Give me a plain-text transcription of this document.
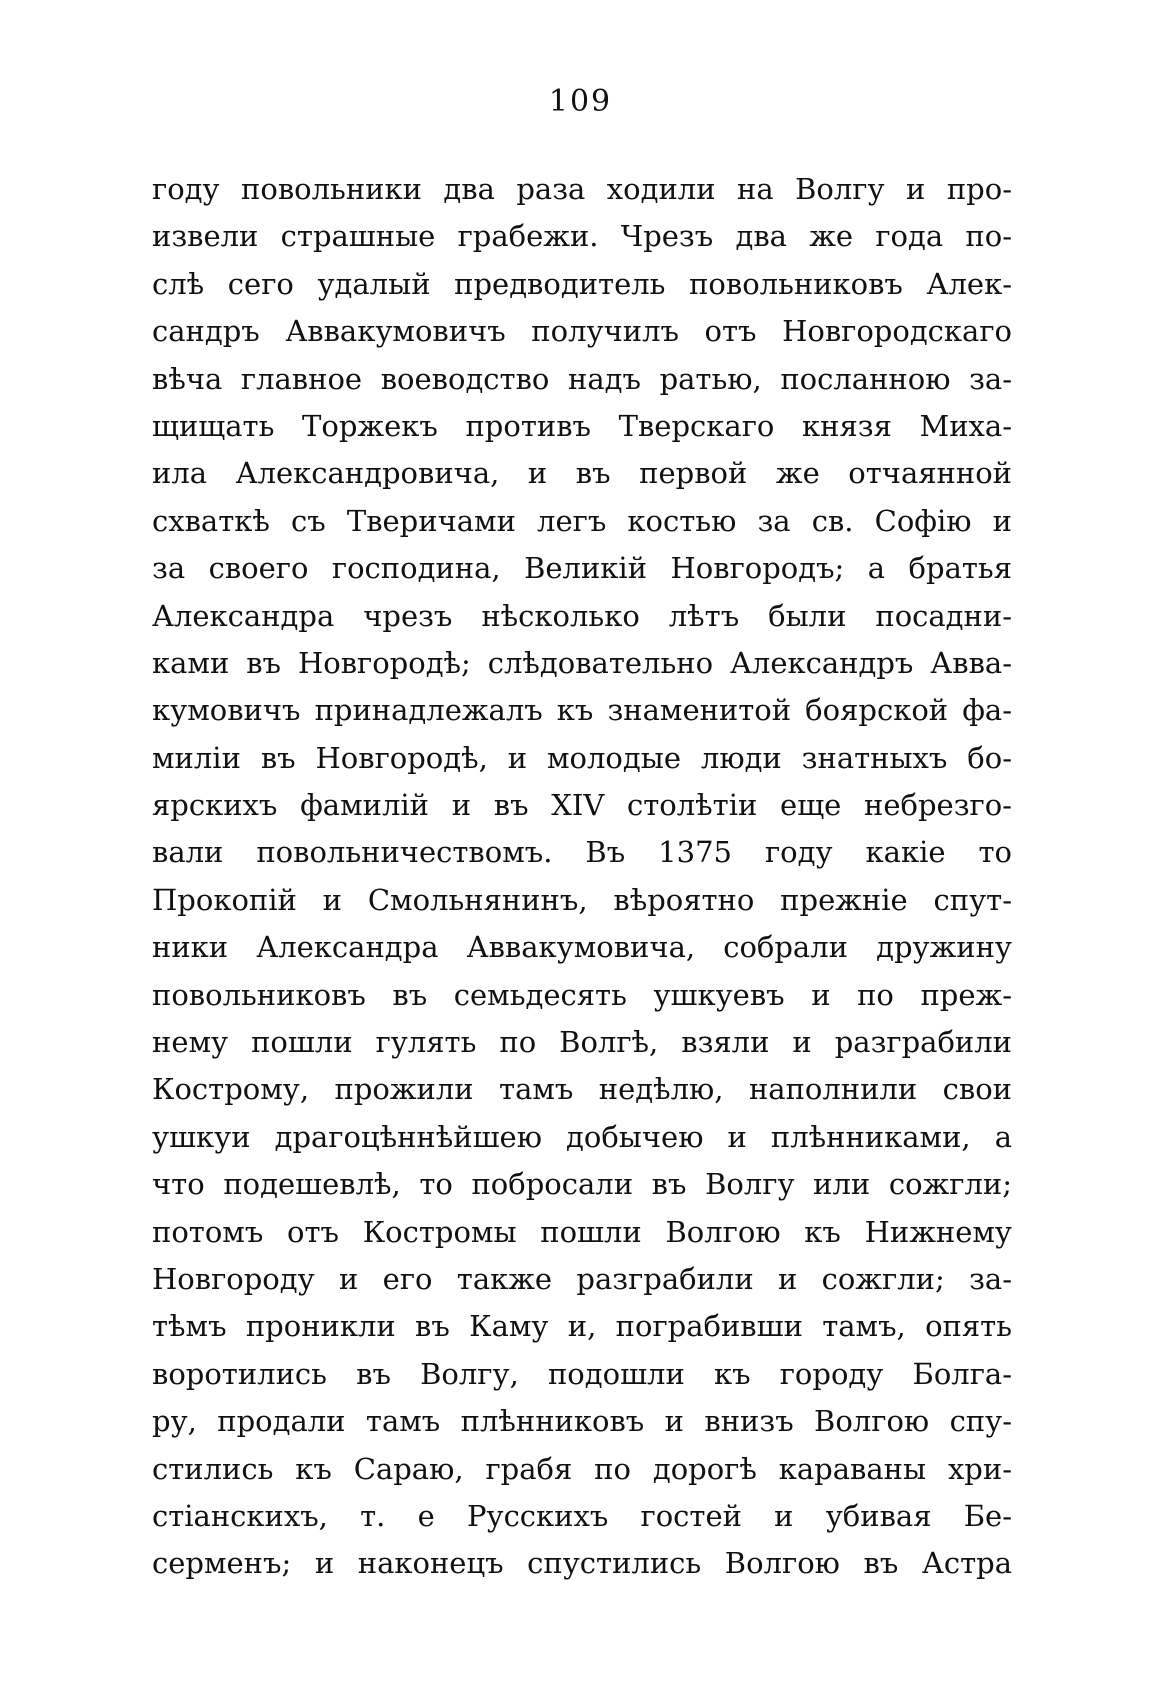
109
году повольники два раза ходили на Волгу и про-
извели страшные грабежи. Чрезъ два же года по-
слѣ сего удалый предводитель повольниковъ Алек-
сандръ Аввакумовичъ получилъ отъ Новгородскаго
вѣча главное воеводство надъ ратью, посланною за-
щищать Торжекъ противъ Тверскаго князя Миха-
ила Александровича, и въ первой же отчаянной
схваткѣ съ Тверичами легъ костью за св. Софію и
за своего господина, Великій Новгородъ; а братья
Александра чрезъ нѣсколько лѣтъ были посадни-
ками въ Новгородѣ; слѣдовательно Александръ Авва-
кумовичъ принадлежалъ къ знаменитой боярской фа-
миліи въ Новгородѣ, и молодые люди знатныхъ бо-
ярскихъ фамилій и въ XIV столѣтіи еще небрезго-
вали повольничествомъ. Въ 1375 году какіе то
Прокопій и Смольнянинъ, вѣроятно прежніе спут-
ники Александра Аввакумовича, собрали дружину
повольниковъ въ семьдесять ушкуевъ и по преж-
нему пошли гулять по Волгѣ, взяли и разграбили
Кострому, прожили тамъ недѣлю, наполнили свои
ушкуи драгоцѣннѣйшею добычею и плѣнниками, а
что подешевлѣ, то побросали въ Волгу или сожгли;
потомъ отъ Костромы пошли Волгою къ Нижнему
Новгороду и его также разграбили и сожгли; за-
тѣмъ проникли въ Каму и, пограбивши тамъ, опять
воротились въ Волгу, подошли къ городу Болга-
ру, продали тамъ плѣнниковъ и внизъ Волгою спу-
стились къ Сараю, грабя по дорогѣ караваны хри-
стіанскихъ, т. е Русскихъ гостей и убивая Бе-
серменъ; и наконецъ спустились Волгою въ Астра
